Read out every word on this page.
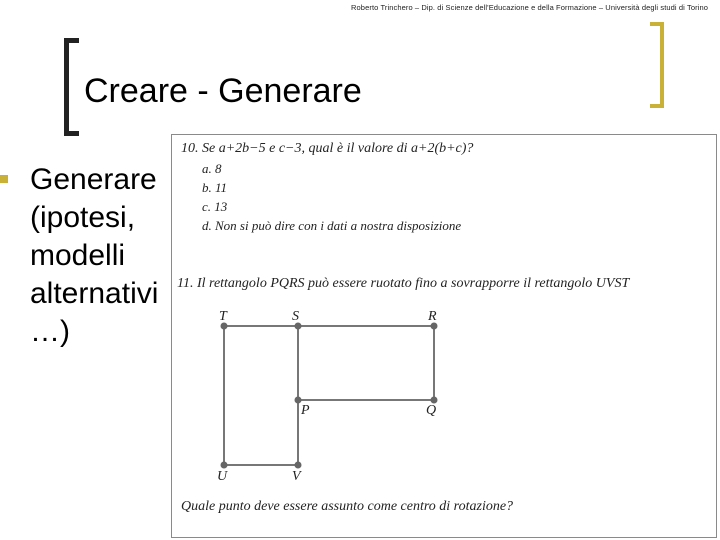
Roberto Trinchero – Dip. di Scienze dell'Educazione e della Formazione – Università degli studi di Torino
Creare - Generare
Generare
(ipotesi,
modelli
alternativi
…)
10. Se a+2b−5 e c−3, qual è il valore di a+2(b+c)?
a. 8
b. 11
c. 13
d. Non si può dire con i dati a nostra disposizione
11. Il rettangolo PQRS può essere ruotato fino a sovrapporre il rettangolo UVST
T	S	R
P	Q
U	V
Quale punto deve essere assunto come centro di rotazione?
